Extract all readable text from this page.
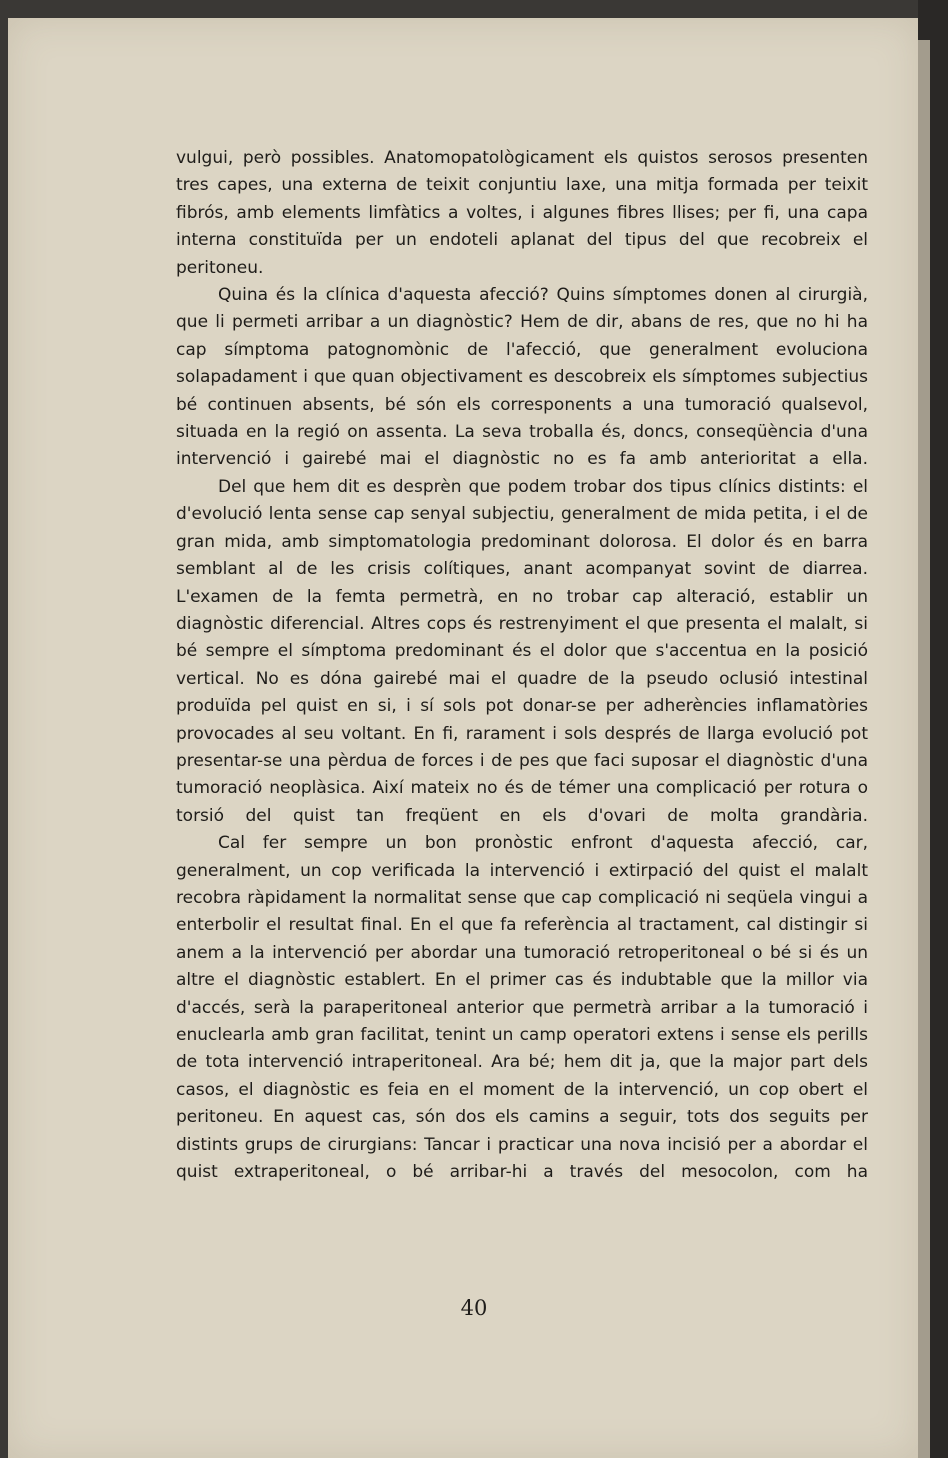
vulgui, però possibles. Anatomopatològicament els quistos serosos presenten tres capes, una externa de teixit conjuntiu laxe, una mitja formada per teixit fibrós, amb elements limfàtics a voltes, i algunes fibres llises; per fi, una capa interna constituïda per un endoteli aplanat del tipus del que recobreix el peritoneu.

Quina és la clínica d'aquesta afecció? Quins símptomes donen al cirurgià, que li permeti arribar a un diagnòstic? Hem de dir, abans de res, que no hi ha cap símptoma patognomònic de l'afecció, que generalment evoluciona solapadament i que quan objectivament es descobreix els símptomes subjectius bé continuen absents, bé són els corresponents a una tumoració qualsevol, situada en la regió on assenta. La seva troballa és, doncs, conseqüència d'una intervenció i gairebé mai el diagnòstic no es fa amb anterioritat a ella.

Del que hem dit es desprèn que podem trobar dos tipus clínics distints: el d'evolució lenta sense cap senyal subjectiu, generalment de mida petita, i el de gran mida, amb simptomatologia predominant dolorosa. El dolor és en barra semblant al de les crisis colítiques, anant acompanyat sovint de diarrea. L'examen de la femta permetrà, en no trobar cap alteració, establir un diagnòstic diferencial. Altres cops és restrenyiment el que presenta el malalt, si bé sempre el símptoma predominant és el dolor que s'accentua en la posició vertical. No es dóna gairebé mai el quadre de la pseudo oclusió intestinal produïda pel quist en si, i sí sols pot donar-se per adherències inflamatòries provocades al seu voltant. En fi, rarament i sols després de llarga evolució pot presentar-se una pèrdua de forces i de pes que faci suposar el diagnòstic d'una tumoració neoplàsica. Així mateix no és de témer una complicació per rotura o torsió del quist tan freqüent en els d'ovari de molta grandària.

Cal fer sempre un bon pronòstic enfront d'aquesta afecció, car, generalment, un cop verificada la intervenció i extirpació del quist el malalt recobra ràpidament la normalitat sense que cap complicació ni seqüela vingui a enterbolir el resultat final. En el que fa referència al tractament, cal distingir si anem a la intervenció per abordar una tumoració retroperitoneal o bé si és un altre el diagnòstic establert. En el primer cas és indubtable que la millor via d'accés, serà la paraperitoneal anterior que permetrà arribar a la tumoració i enuclearla amb gran facilitat, tenint un camp operatori extens i sense els perills de tota intervenció intraperitoneal. Ara bé; hem dit ja, que la major part dels casos, el diagnòstic es feia en el moment de la intervenció, un cop obert el peritoneu. En aquest cas, són dos els camins a seguir, tots dos seguits per distints grups de cirurgians: Tancar i practicar una nova incisió per a abordar el quist extraperitoneal, o bé arribar-hi a través del mesocolon, com ha

40
